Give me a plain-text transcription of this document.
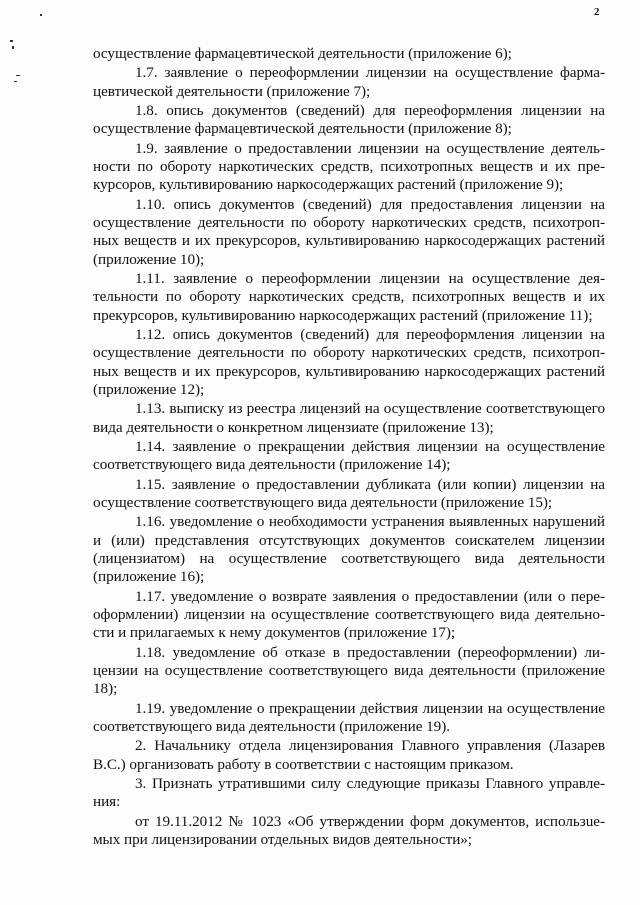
2

осуществление фармацевтической деятельности (приложение 6);

1.7. заявление о переоформлении лицензии на осуществление фармацевтической деятельности (приложение 7);

1.8. опись документов (сведений) для переоформления лицензии на осуществление фармацевтической деятельности (приложение 8);

1.9. заявление о предоставлении лицензии на осуществление деятельности по обороту наркотических средств, психотропных веществ и их прекурсоров, культивированию наркосодержащих растений (приложение 9);

1.10. опись документов (сведений) для предоставления лицензии на осуществление деятельности по обороту наркотических средств, психотропных веществ и их прекурсоров, культивированию наркосодержащих растений (приложение 10);

1.11. заявление о переоформлении лицензии на осуществление деятельности по обороту наркотических средств, психотропных веществ и их прекурсоров, культивированию наркосодержащих растений (приложение 11);

1.12. опись документов (сведений) для переоформления лицензии на осуществление деятельности по обороту наркотических средств, психотропных веществ и их прекурсоров, культивированию наркосодержащих растений (приложение 12);

1.13. выписку из реестра лицензий на осуществление соответствующего вида деятельности о конкретном лицензиате (приложение 13);

1.14. заявление о прекращении действия лицензии на осуществление соответствующего вида деятельности (приложение 14);

1.15. заявление о предоставлении дубликата (или копии) лицензии на осуществление соответствующего вида деятельности (приложение 15);

1.16. уведомление о необходимости устранения выявленных нарушений и (или) представления отсутствующих документов соискателем лицензии (лицензиатом) на осуществление соответствующего вида деятельности (приложение 16);

1.17. уведомление о возврате заявления о предоставлении (или о переоформлении) лицензии на осуществление соответствующего вида деятельности и прилагаемых к нему документов (приложение 17);

1.18. уведомление об отказе в предоставлении (переоформлении) лицензии на осуществление соответствующего вида деятельности (приложение 18);

1.19. уведомление о прекращении действия лицензии на осуществление соответствующего вида деятельности (приложение 19).

2. Начальнику отдела лицензирования Главного управления (Лазарев В.С.) организовать работу в соответствии с настоящим приказом.

3. Признать утратившими силу следующие приказы Главного управления:

от 19.11.2012 № 1023 «Об утверждении форм документов, использueмых при лицензировании отдельных видов деятельности»;
